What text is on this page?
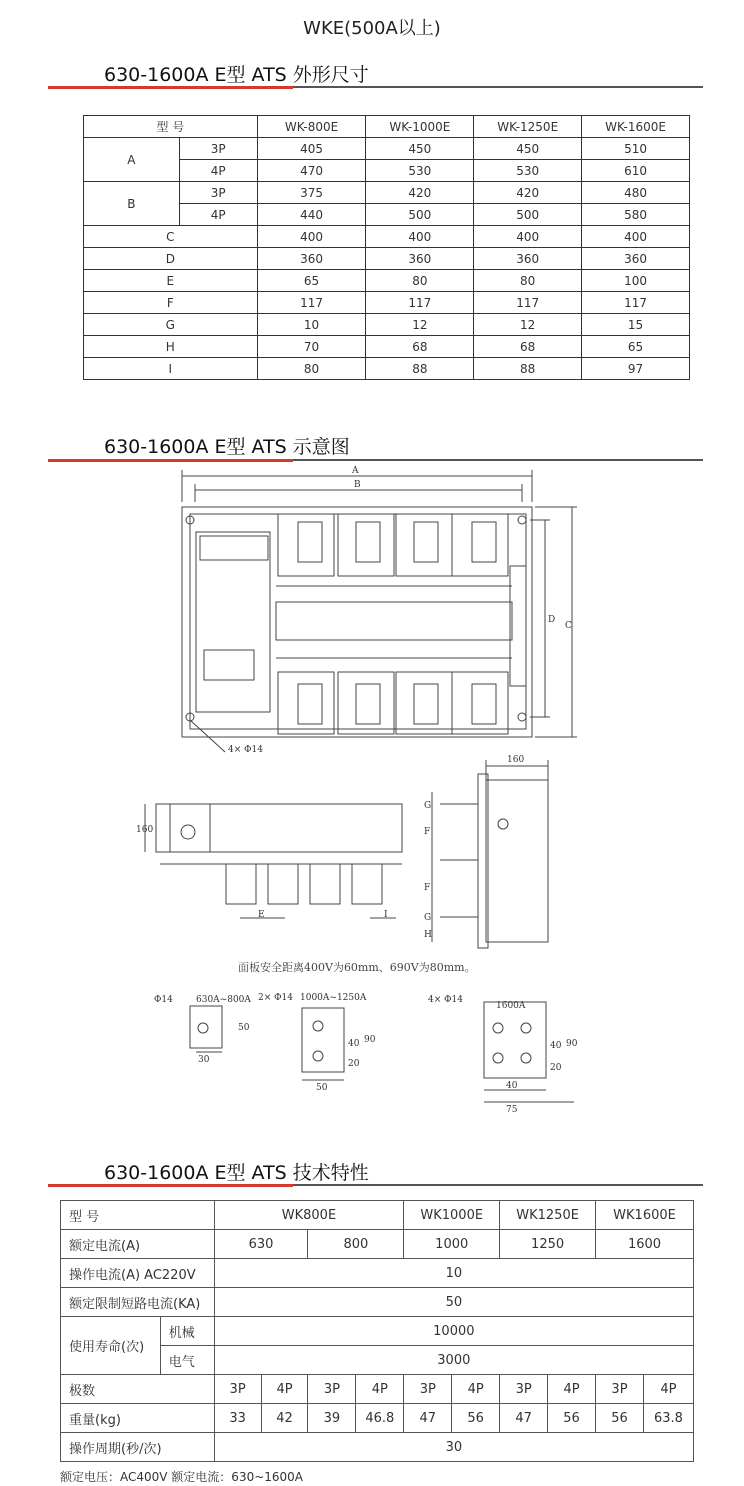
WKE(500A以上)
630-1600A E型 ATS 外形尺寸
型 号		WK-800E	WK-1000E	WK-1250E	WK-1600E
A	3P	405	450	450	510
	4P	470	530	530	610
B	3P	375	420	420	480
	4P	440	500	500	580
C		400	400	400	400
D		360	360	360	360
E		65	80	80	100
F		117	117	117	117
G		10	12	12	15
H		70	68	68	65
I		80	88	88	97
630-1600A E型 ATS 示意图
A
B
D
C
4× Φ14
160
160
E	I
G
F
F
G
H
Φ14	630A~800A
50
30
2× Φ14 1000A~1250A
40
20
90
50
4× Φ14
1600A
40
20
90
40
75
面板安全距离400V为60mm、690V为80mm。
630-1600A E型 ATS 技术特性
型 号		WK800E				WK1000E		WK1250E		WK1600E	
额定电流(A)		630		800		1000		1250		1600	
操作电流(A) AC220V		10									
额定限制短路电流(KA)		50									
使用寿命(次)	机械	10000									
	电气	3000									
极数		3P	4P	3P	4P	3P	4P	3P	4P	3P	4P
重量(kg)		33	42	39	46.8	47	56	47	56	56	63.8
操作周期(秒/次)		30									
额定电压：AC400V 额定电流：630~1600A
